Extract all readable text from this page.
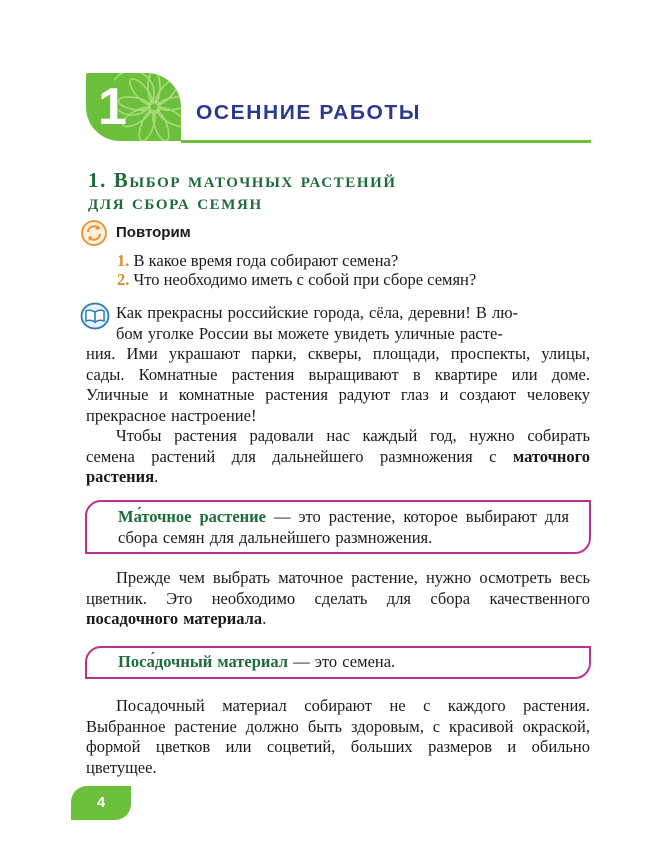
1	ОСЕННИЕ РАБОТЫ
1. Выбор маточных растений
для сбора семян
Повторим
1. В какое время года собирают семена?
2. Что необходимо иметь с собой при сборе семян?
Как прекрасны российские города, сёла, деревни! В лю-
бом уголке России вы можете увидеть уличные расте-
ния. Ими украшают парки, скверы, площади, проспекты, улицы, сады. Комнатные растения выращивают в квартире или доме. Уличные и комнатные растения радуют глаз и создают человеку прекрасное настроение!
Чтобы растения радовали нас каждый год, нужно собирать семена растений для дальнейшего размножения с маточного растения.
Ма́точное растение — это растение, которое выбирают для сбора семян для дальнейшего размножения.
Прежде чем выбрать маточное растение, нужно осмотреть весь цветник. Это необходимо сделать для сбора качественного посадочного материала.
Поса́дочный материал — это семена.
Посадочный материал собирают не с каждого растения. Выбранное растение должно быть здоровым, с красивой окраской, формой цветков или соцветий, больших размеров и обильно цветущее.
4
